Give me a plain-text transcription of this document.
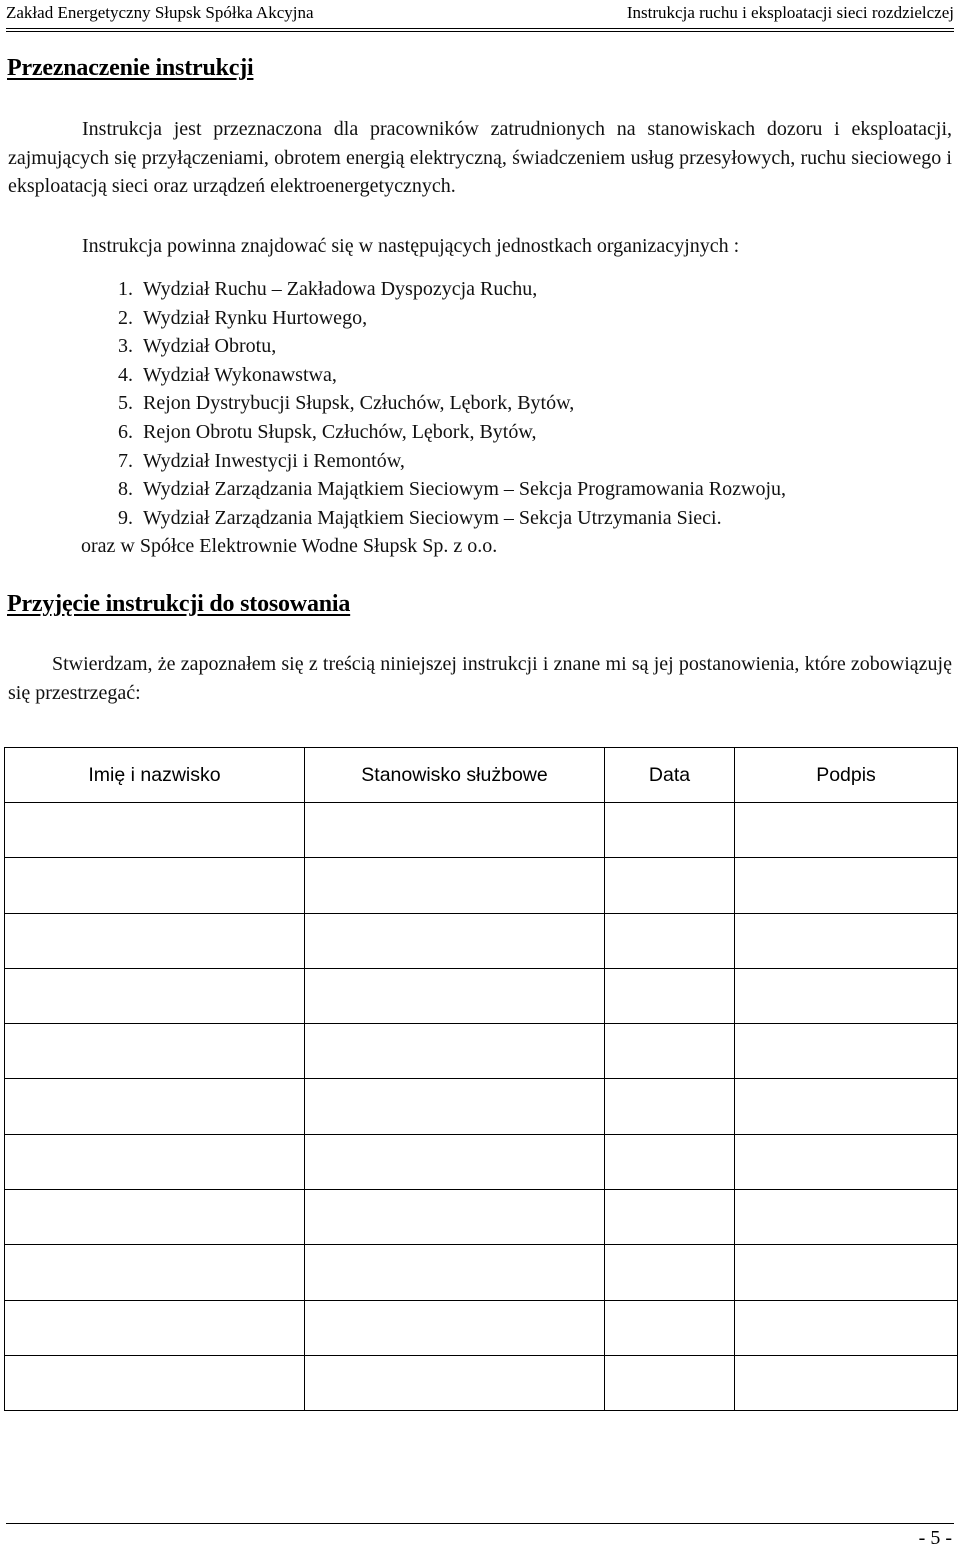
Zakład Energetyczny Słupsk Spółka Akcyjna	Instrukcja ruchu i eksploatacji sieci rozdzielczej
Przeznaczenie instrukcji

Instrukcja jest przeznaczona dla pracowników zatrudnionych na stanowiskach dozoru i eksploatacji, zajmujących się przyłączeniami, obrotem energią elektryczną, świadczeniem usług przesyłowych, ruchu sieciowego i eksploatacją sieci oraz urządzeń elektroenergetycznych.

Instrukcja powinna znajdować się w następujących jednostkach organizacyjnych :

1. Wydział Ruchu – Zakładowa Dyspozycja Ruchu,
2. Wydział Rynku Hurtowego,
3. Wydział Obrotu,
4. Wydział Wykonawstwa,
5. Rejon Dystrybucji Słupsk, Człuchów, Lębork, Bytów,
6. Rejon Obrotu Słupsk, Człuchów, Lębork, Bytów,
7. Wydział Inwestycji i Remontów,
8. Wydział Zarządzania Majątkiem Sieciowym – Sekcja Programowania Rozwoju,
9. Wydział Zarządzania Majątkiem Sieciowym – Sekcja Utrzymania Sieci.

oraz w Spółce Elektrownie Wodne Słupsk Sp. z o.o.

Przyjęcie instrukcji do stosowania

Stwierdzam, że zapoznałem się z treścią niniejszej instrukcji i znane mi są jej postanowienia, które zobowiązuję się przestrzegać:

Imię i nazwisko	Stanowisko służbowe	Data	Podpis

- 5 -
